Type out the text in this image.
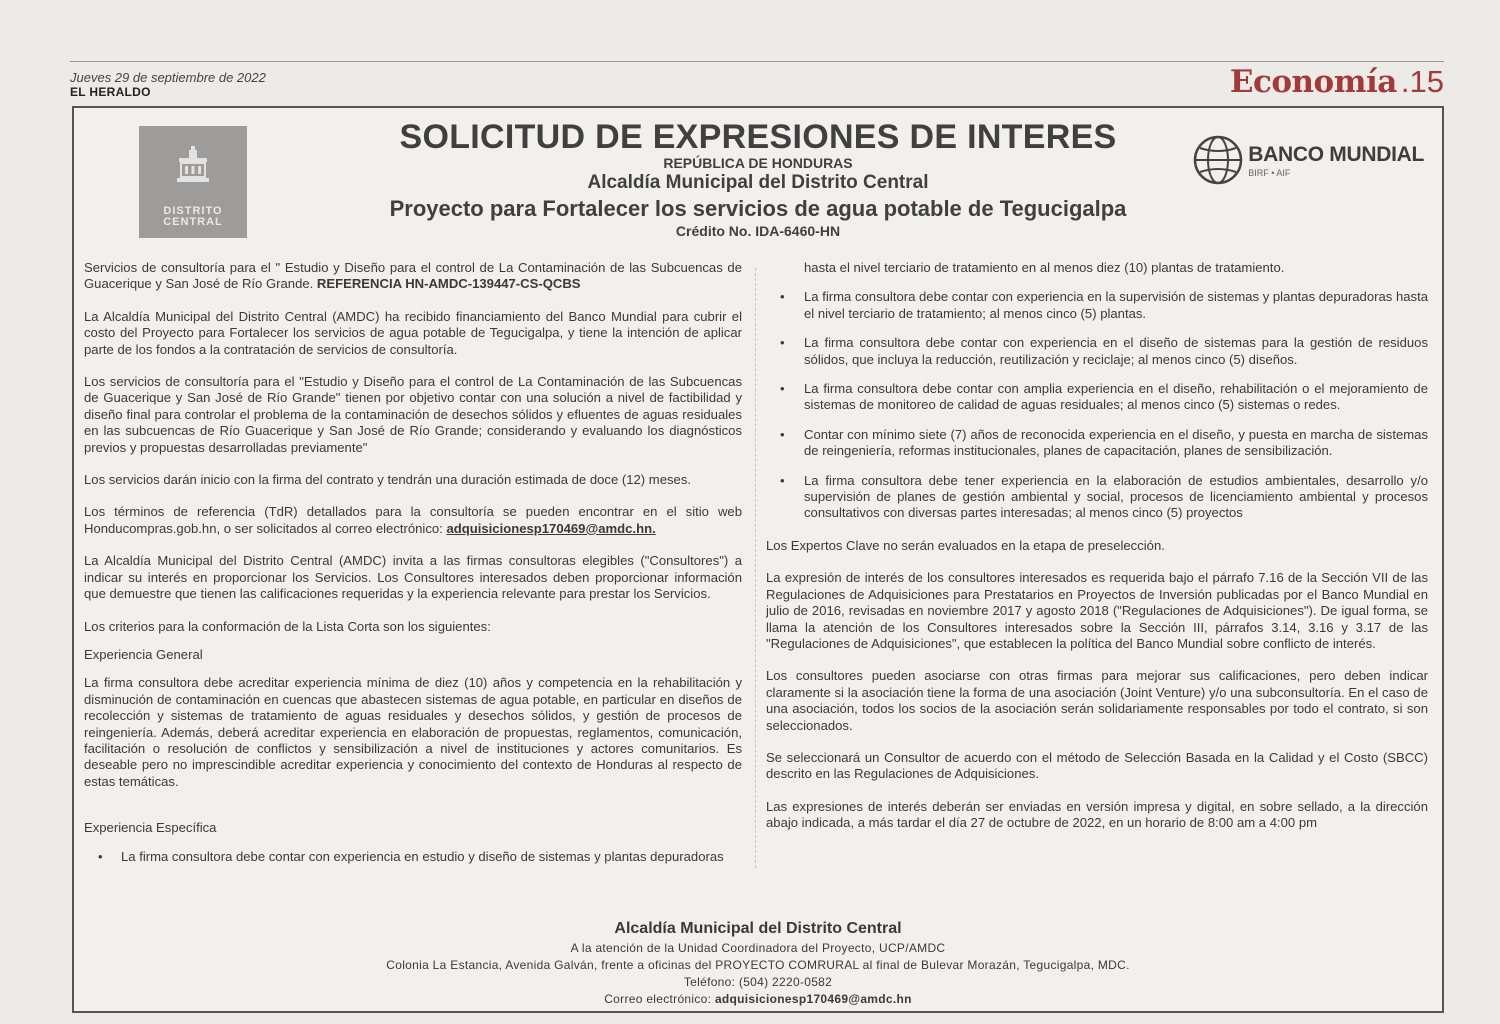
Jueves 29 de septiembre de 2022
EL HERALDO	Economía .15
DISTRITO
CENTRAL
SOLICITUD DE EXPRESIONES DE INTERES
REPÚBLICA DE HONDURAS
Alcaldía Municipal del Distrito Central
Proyecto para Fortalecer los servicios de agua potable de Tegucigalpa
Crédito No. IDA-6460-HN
BANCO MUNDIAL
BIRF • AIF

Servicios de consultoría para el " Estudio y Diseño para el control de La Contaminación de las Subcuencas de Guacerique y San José de Río Grande. REFERENCIA HN-AMDC-139447-CS-QCBS

La Alcaldía Municipal del Distrito Central (AMDC) ha recibido financiamiento del Banco Mundial para cubrir el costo del Proyecto para Fortalecer los servicios de agua potable de Tegucigalpa, y tiene la intención de aplicar parte de los fondos a la contratación de servicios de consultoría.

Los servicios de consultoría para el "Estudio y Diseño para el control de La Contaminación de las Subcuencas de Guacerique y San José de Río Grande" tienen por objetivo contar con una solución a nivel de factibilidad y diseño final para controlar el problema de la contaminación de desechos sólidos y efluentes de aguas residuales en las subcuencas de Río Guacerique y San José de Río Grande; considerando y evaluando los diagnósticos previos y propuestas desarrolladas previamente"

Los servicios darán inicio con la firma del contrato y tendrán una duración estimada de doce (12) meses.

Los términos de referencia (TdR) detallados para la consultoría se pueden encontrar en el sitio web Honducompras.gob.hn, o ser solicitados al correo electrónico: adquisicionesp170469@amdc.hn.

La Alcaldía Municipal del Distrito Central (AMDC) invita a las firmas consultoras elegibles ("Consultores") a indicar su interés en proporcionar los Servicios. Los Consultores interesados deben proporcionar información que demuestre que tienen las calificaciones requeridas y la experiencia relevante para prestar los Servicios.

Los criterios para la conformación de la Lista Corta son los siguientes:

Experiencia General

La firma consultora debe acreditar experiencia mínima de diez (10) años y competencia en la rehabilitación y disminución de contaminación en cuencas que abastecen sistemas de agua potable, en particular en diseños de recolección y sistemas de tratamiento de aguas residuales y desechos sólidos, y gestión de procesos de reingeniería. Además, deberá acreditar experiencia en elaboración de propuestas, reglamentos, comunicación, facilitación o resolución de conflictos y sensibilización a nivel de instituciones y actores comunitarios. Es deseable pero no imprescindible acreditar experiencia y conocimiento del contexto de Honduras al respecto de estas temáticas.

Experiencia Específica

•	La firma consultora debe contar con experiencia en estudio y diseño de sistemas y plantas depuradoras
hasta el nivel terciario de tratamiento en al menos diez (10) plantas de tratamiento.
•	La firma consultora debe contar con experiencia en la supervisión de sistemas y plantas depuradoras hasta el nivel terciario de tratamiento; al menos cinco (5) plantas.
•	La firma consultora debe contar con experiencia en el diseño de sistemas para la gestión de residuos sólidos, que incluya la reducción, reutilización y reciclaje; al menos cinco (5) diseños.
•	La firma consultora debe contar con amplia experiencia en el diseño, rehabilitación o el mejoramiento de sistemas de monitoreo de calidad de aguas residuales; al menos cinco (5) sistemas o redes.
•	Contar con mínimo siete (7) años de reconocida experiencia en el diseño, y puesta en marcha de sistemas de reingeniería, reformas institucionales, planes de capacitación, planes de sensibilización.
•	La firma consultora debe tener experiencia en la elaboración de estudios ambientales, desarrollo y/o supervisión de planes de gestión ambiental y social, procesos de licenciamiento ambiental y procesos consultativos con diversas partes interesadas; al menos cinco (5) proyectos

Los Expertos Clave no serán evaluados en la etapa de preselección.

La expresión de interés de los consultores interesados es requerida bajo el párrafo 7.16 de la Sección VII de las Regulaciones de Adquisiciones para Prestatarios en Proyectos de Inversión publicadas por el Banco Mundial en julio de 2016, revisadas en noviembre 2017 y agosto 2018 ("Regulaciones de Adquisiciones"). De igual forma, se llama la atención de los Consultores interesados sobre la Sección III, párrafos 3.14, 3.16 y 3.17 de las "Regulaciones de Adquisiciones", que establecen la política del Banco Mundial sobre conflicto de interés.

Los consultores pueden asociarse con otras firmas para mejorar sus calificaciones, pero deben indicar claramente si la asociación tiene la forma de una asociación (Joint Venture) y/o una subconsultoría. En el caso de una asociación, todos los socios de la asociación serán solidariamente responsables por todo el contrato, si son seleccionados.

Se seleccionará un Consultor de acuerdo con el método de Selección Basada en la Calidad y el Costo (SBCC) descrito en las Regulaciones de Adquisiciones.

Las expresiones de interés deberán ser enviadas en versión impresa y digital, en sobre sellado, a la dirección abajo indicada, a más tardar el día 27 de octubre de 2022, en un horario de 8:00 am a 4:00 pm

Alcaldía Municipal del Distrito Central
A la atención de la Unidad Coordinadora del Proyecto, UCP/AMDC
Colonia La Estancia, Avenida Galván, frente a oficinas del PROYECTO COMRURAL al final de Bulevar Morazán, Tegucigalpa, MDC.
Teléfono: (504) 2220-0582
Correo electrónico: adquisicionesp170469@amdc.hn
